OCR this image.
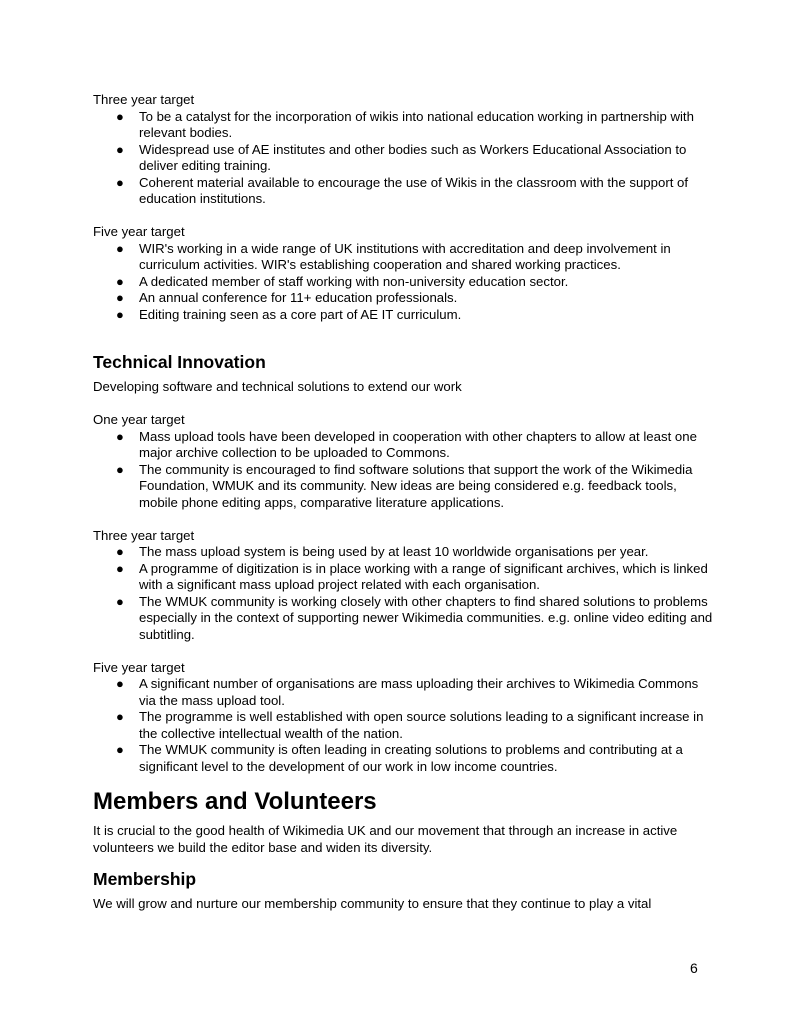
Three year target

● To be a catalyst for the incorporation of wikis into national education working in partnership with relevant bodies.
● Widespread use of AE institutes and other bodies such as Workers Educational Association to deliver editing training.
● Coherent material available to encourage the use of Wikis in the classroom with the support of education institutions.

Five year target

● WIR's working in a wide range of UK institutions with accreditation and deep involvement in curriculum activities. WIR's establishing cooperation and shared working practices.
● A dedicated member of staff working with non-university education sector.
● An annual conference for 11+ education professionals.
● Editing training seen as a core part of AE IT curriculum.
Technical Innovation

Developing software and technical solutions to extend our work

One year target

● Mass upload tools have been developed in cooperation with other chapters to allow at least one major archive collection to be uploaded to Commons.
● The community is encouraged to find software solutions that support the work of the Wikimedia Foundation, WMUK and its community. New ideas are being considered e.g. feedback tools, mobile phone editing apps, comparative literature applications.

Three year target

● The mass upload system is being used by at least 10 worldwide organisations per year.
● A programme of digitization is in place working with a range of significant archives, which is linked with a significant mass upload project related with each organisation.
● The WMUK community is working closely with other chapters to find shared solutions to problems especially in the context of supporting newer Wikimedia communities. e.g. online video editing and subtitling.

Five year target

● A significant number of organisations are mass uploading their archives to Wikimedia Commons via the mass upload tool.
● The programme is well established with open source solutions leading to a significant increase in the collective intellectual wealth of the nation.
● The WMUK community is often leading in creating solutions to problems and contributing at a significant level to the development of our work in low income countries.
Members and Volunteers

It is crucial to the good health of Wikimedia UK and our movement that through an increase in active volunteers we build the editor base and widen its diversity.

Membership

We will grow and nurture our membership community to ensure that they continue to play a vital

6
